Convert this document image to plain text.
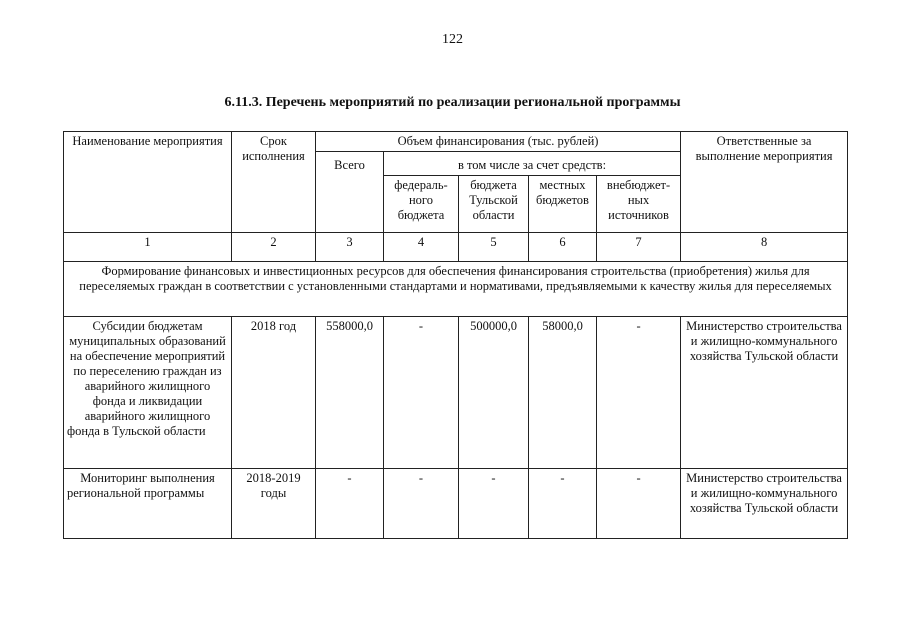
122
6.11.3. Перечень мероприятий по реализации региональной программы
Наименование мероприятия	Срок исполнения	Объем финансирования (тыс. рублей)					Ответственные за выполнение мероприятия
		Всего	в том числе за счет средств:				
			федераль-ного бюджета	бюджета Тульской области	местных бюджетов	внебюджет-ных источников	
1	2	3	4	5	6	7	8
Формирование финансовых и инвестиционных ресурсов для обеспечения финансирования строительства (приобретения) жилья для переселяемых граждан в соответствии с установленными стандартами и нормативами, предъявляемыми к качеству жилья для переселяемых							
Субсидии бюджетам муниципальных образований на обеспечение мероприятий по переселению граждан из аварийного жилищного фонда и ликвидации аварийного жилищного фонда в Тульской области	2018 год	558000,0	-	500000,0	58000,0	-	Министерство строительства и жилищно-коммунального хозяйства Тульской области
Мониторинг выполнения региональной программы	2018-2019 годы	-	-	-	-	-	Министерство строительства и жилищно-коммунального хозяйства Тульской области
